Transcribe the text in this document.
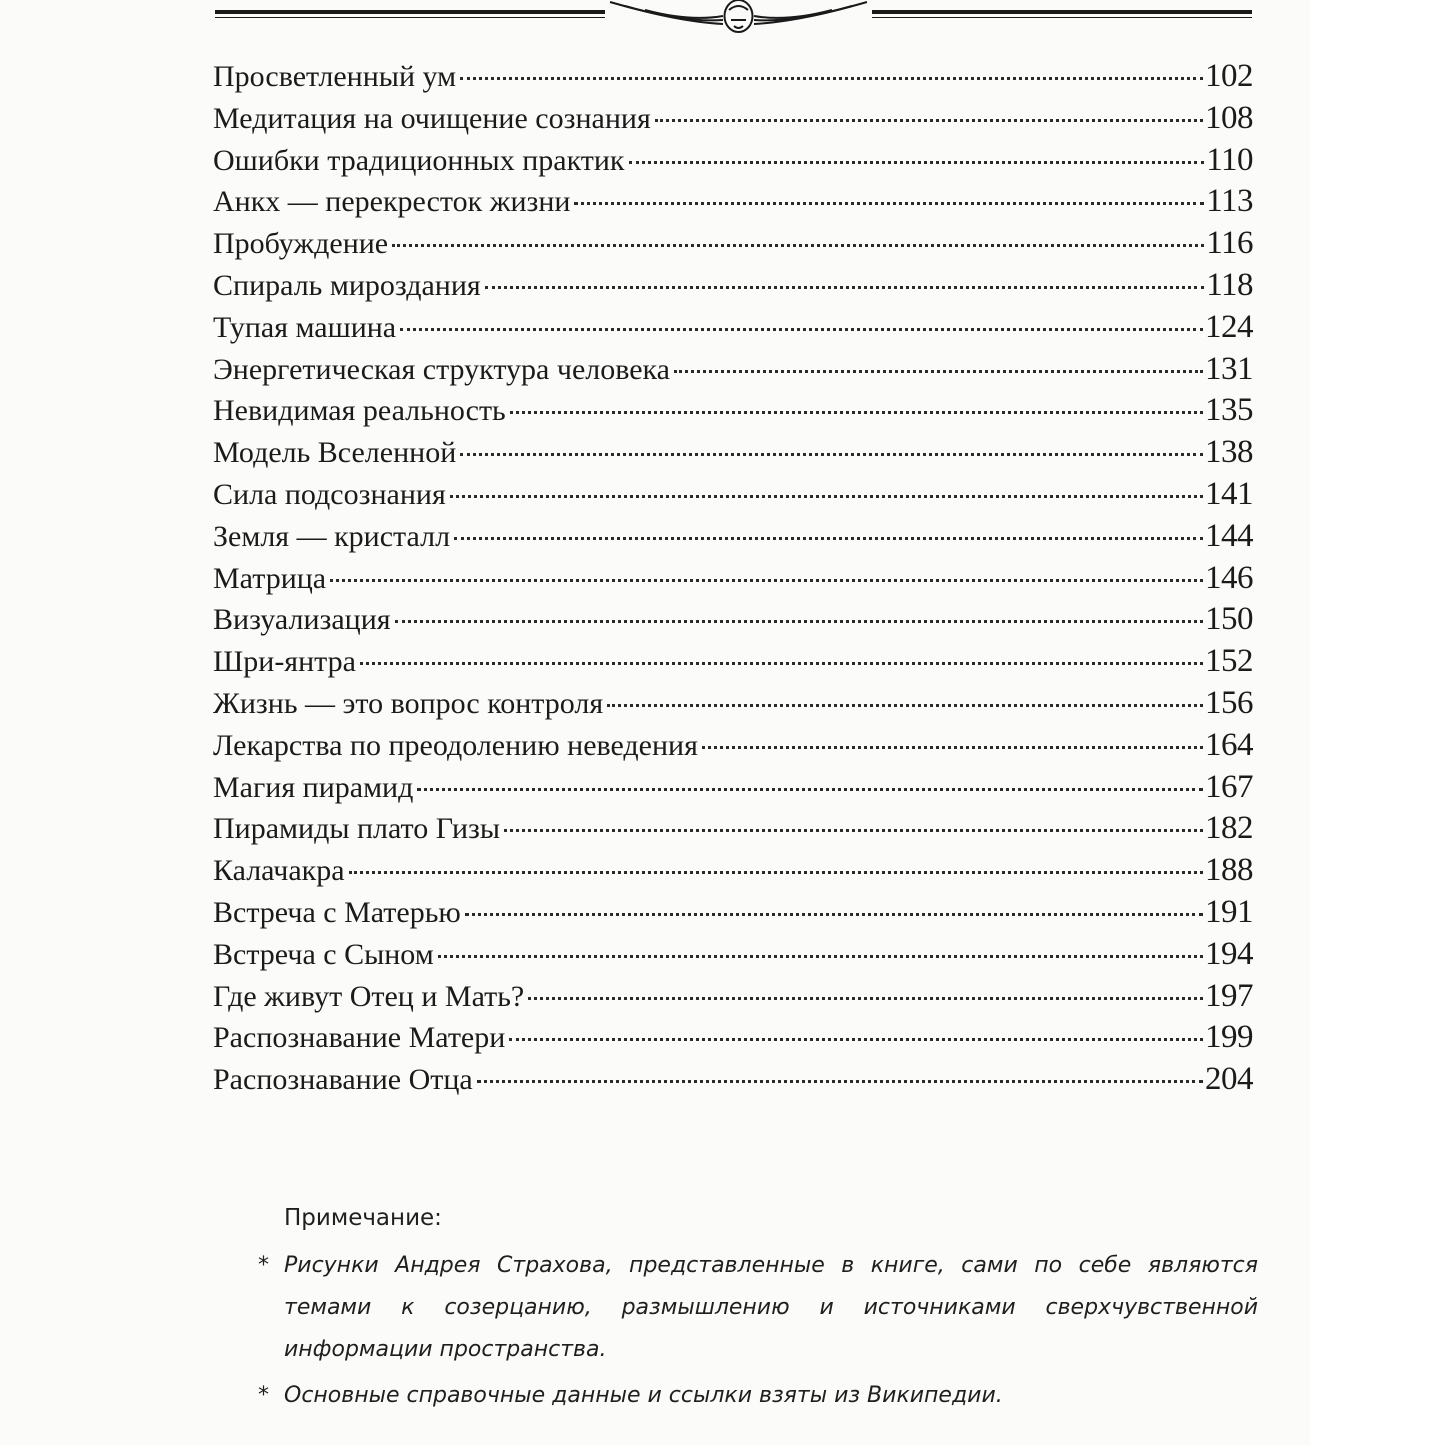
Просветленный ум	102
Медитация на очищение сознания	108
Ошибки традиционных практик	110
Анкх — перекресток жизни	113
Пробуждение	116
Спираль мироздания	118
Тупая машина	124
Энергетическая структура человека	131
Невидимая реальность	135
Модель Вселенной	138
Сила подсознания	141
Земля — кристалл	144
Матрица	146
Визуализация	150
Шри-янтра	152
Жизнь — это вопрос контроля	156
Лекарства по преодолению неведения	164
Магия пирамид	167
Пирамиды плато Гизы	182
Калачакра	188
Встреча с Матерью	191
Встреча с Сыном	194
Где живут Отец и Мать?	197
Распознавание Матери	199
Распознавание Отца	204
Примечание:
* Рисунки Андрея Страхова, представленные в книге, сами по себе являются темами к созерцанию, размышлению и источниками сверхчувственной информации пространства.
* Основные справочные данные и ссылки взяты из Википедии.
